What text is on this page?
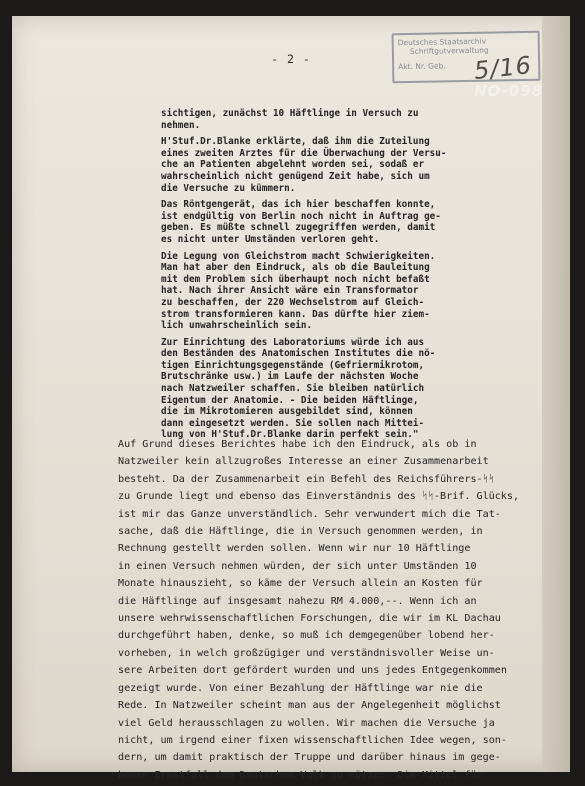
- 2 -
Deutsches Staatsarchiv
Schriftgutverwaltung
Akt. Nr. Geb.	5/16
NO-098

sichtigen, zunächst 10 Häftlinge in Versuch zu
nehmen.

H'Stuf.Dr.Blanke erklärte, daß ihm die Zuteilung
eines zweiten Arztes für die Überwachung der Versu-
che an Patienten abgelehnt worden sei, sodaß er
wahrscheinlich nicht genügend Zeit habe, sich um
die Versuche zu kümmern.

Das Röntgengerät, das ich hier beschaffen konnte,
ist endgültig von Berlin noch nicht in Auftrag ge-
geben. Es müßte schnell zugegriffen werden, damit
es nicht unter Umständen verloren geht.

Die Legung von Gleichstrom macht Schwierigkeiten.
Man hat aber den Eindruck, als ob die Bauleitung
mit dem Problem sich überhaupt noch nicht befaßt
hat. Nach ihrer Ansicht wäre ein Transformator
zu beschaffen, der 220 Wechselstrom auf Gleich-
strom transformieren kann. Das dürfte hier ziem-
lich unwahrscheinlich sein.

Zur Einrichtung des Laboratoriums würde ich aus
den Beständen des Anatomischen Institutes die nö-
tigen Einrichtungsgegenstände (Gefriermikrotom,
Brutschränke usw.) im Laufe der nächsten Woche
nach Natzweiler schaffen. Sie bleiben natürlich
Eigentum der Anatomie. - Die beiden Häftlinge,
die im Mikrotomieren ausgebildet sind, können
dann eingesetzt werden. Sie sollen nach Mittei-
lung von H'Stuf.Dr.Blanke darin perfekt sein."

Auf Grund dieses Berichtes habe ich den Eindruck, als ob in
Natzweiler kein allzugroßes Interesse an einer Zusammenarbeit
besteht. Da der Zusammenarbeit ein Befehl des Reichsführers-ᛋᛋ
zu Grunde liegt und ebenso das Einverständnis des ᛋᛋ-Brif. Glücks,
ist mir das Ganze unverständlich. Sehr verwundert mich die Tat-
sache, daß die Häftlinge, die in Versuch genommen werden, in
Rechnung gestellt werden sollen. Wenn wir nur 10 Häftlinge
in einen Versuch nehmen würden, der sich unter Umständen 10
Monate hinauszieht, so käme der Versuch allein an Kosten für
die Häftlinge auf insgesamt nahezu RM 4.000,--. Wenn ich an
unsere wehrwissenschaftlichen Forschungen, die wir im KL Dachau
durchgeführt haben, denke, so muß ich demgegenüber lobend her-
vorheben, in welch großzügiger und verständnisvoller Weise un-
sere Arbeiten dort gefördert wurden und uns jedes Entgegenkommen
gezeigt wurde. Von einer Bezahlung der Häftlinge war nie die
Rede. In Natzweiler scheint man aus der Angelegenheit möglichst
viel Geld herausschlagen zu wollen. Wir machen die Versuche ja
nicht, um irgend einer fixen wissenschaftlichen Idee wegen, son-
dern, um damit praktisch der Truppe und darüber hinaus im gege-
benen Ernstfall dem Deutschen Volk zu nützen. Die Mittel für
